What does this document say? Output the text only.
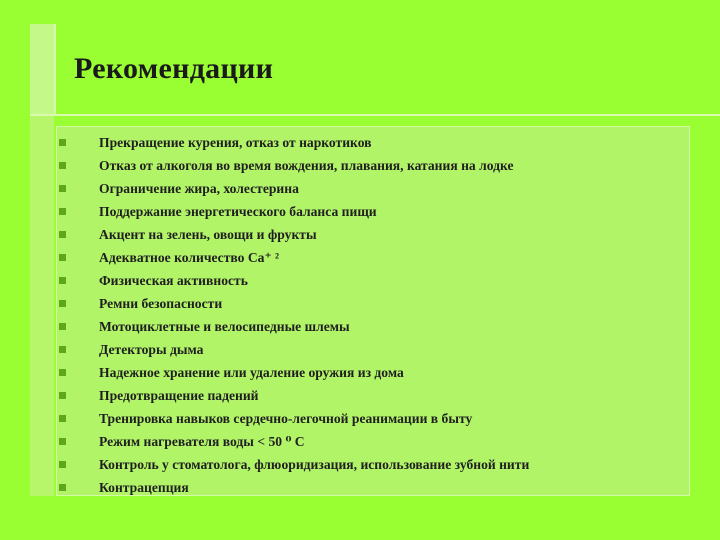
Рекомендации
Прекращение курения, отказ от наркотиков
Отказ от алкоголя во время вождения, плавания, катания на лодке
Ограничение жира, холестерина
Поддержание энергетического баланса пищи
Акцент на зелень, овощи и фрукты
Адекватное количество Са⁺ ²
Физическая активность
Ремни безопасности
Мотоциклетные и велосипедные шлемы
Детекторы дыма
Надежное хранение или удаление оружия из дома
Предотвращение падений
Тренировка навыков сердечно-легочной реанимации в быту
Режим нагревателя воды < 50 ⁰ С
Контроль у стоматолога, флюоридизация, использование зубной нити
Контрацепция
